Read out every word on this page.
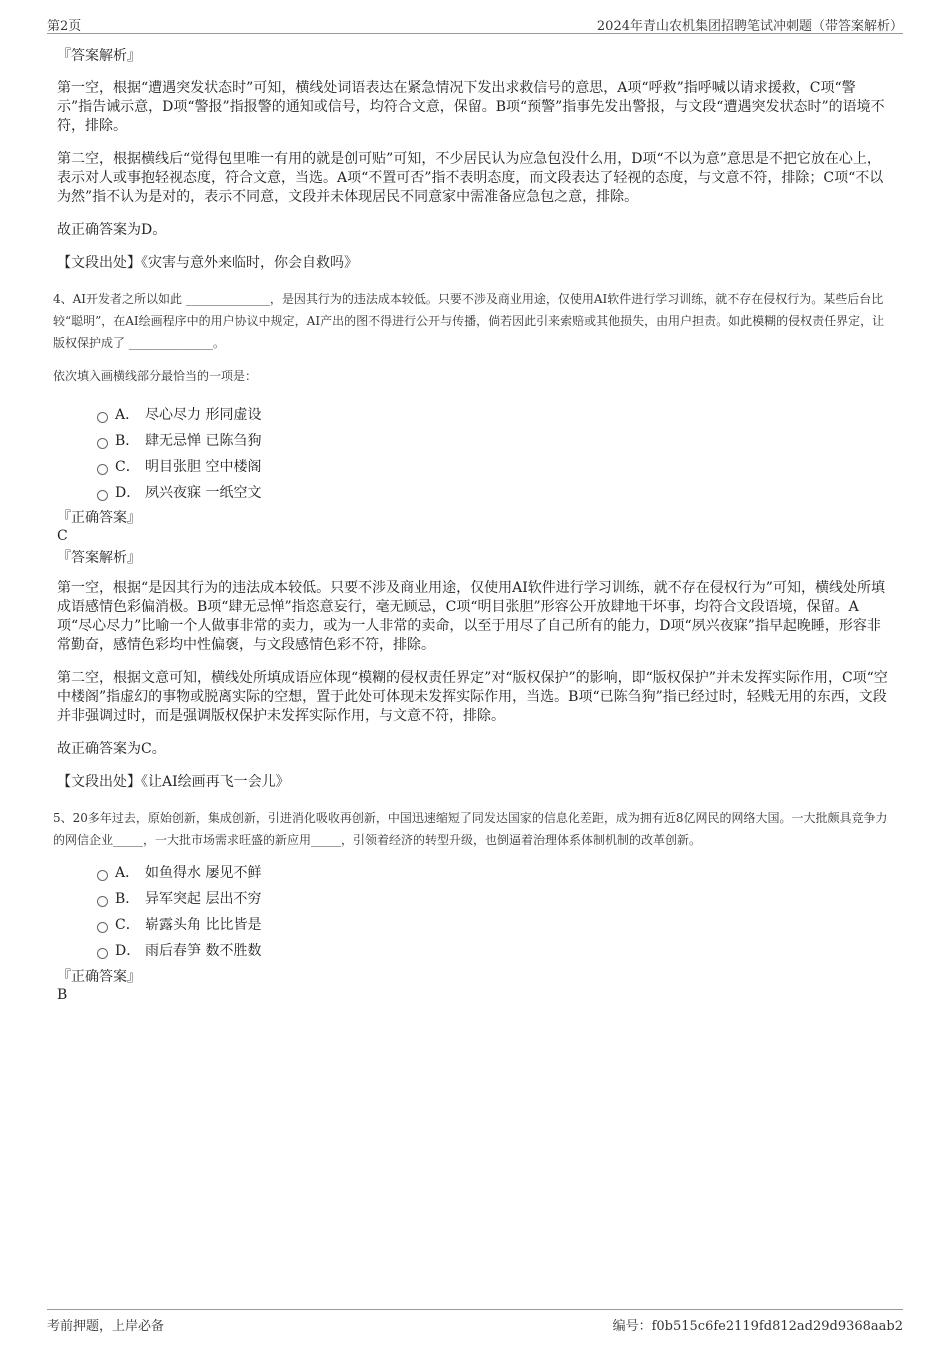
第2页	2024年青山农机集团招聘笔试冲刺题（带答案解析）

『答案解析』

第一空，根据“遭遇突发状态时”可知，横线处词语表达在紧急情况下发出求救信号的意思，A项“呼救”指呼喊以请求援救，C项“警示”指告诫示意，D项“警报”指报警的通知或信号，均符合文意，保留。B项“预警”指事先发出警报，与文段“遭遇突发状态时”的语境不符，排除。

第二空，根据横线后“觉得包里唯一有用的就是创可贴”可知，不少居民认为应急包没什么用，D项“不以为意”意思是不把它放在心上，表示对人或事抱轻视态度，符合文意，当选。A项“不置可否”指不表明态度，而文段表达了轻视的态度，与文意不符，排除；C项“不以为然”指不认为是对的，表示不同意，文段并未体现居民不同意家中需准备应急包之意，排除。

故正确答案为D。

【文段出处】《灾害与意外来临时，你会自救吗》

4、AI开发者之所以如此 ______________，是因其行为的违法成本较低。只要不涉及商业用途，仅使用AI软件进行学习训练，就不存在侵权行为。某些后台比较“聪明”，在AI绘画程序中的用户协议中规定，AI产出的图不得进行公开与传播，倘若因此引来索赔或其他损失，由用户担责。如此模糊的侵权责任界定，让版权保护成了 ______________。

依次填入画横线部分最恰当的一项是：

A． 尽心尽力 形同虚设
B． 肆无忌惮 已陈刍狗
C． 明目张胆 空中楼阁
D． 夙兴夜寐 一纸空文

『正确答案』

C

『答案解析』

第一空，根据“是因其行为的违法成本较低。只要不涉及商业用途，仅使用AI软件进行学习训练，就不存在侵权行为”可知，横线处所填成语感情色彩偏消极。B项“肆无忌惮”指恣意妄行，毫无顾忌，C项“明目张胆”形容公开放肆地干坏事，均符合文段语境，保留。A项“尽心尽力”比喻一个人做事非常的卖力，或为一人非常的卖命，以至于用尽了自己所有的能力，D项“夙兴夜寐”指早起晚睡，形容非常勤奋，感情色彩均中性偏褒，与文段感情色彩不符，排除。

第二空，根据文意可知，横线处所填成语应体现“模糊的侵权责任界定”对“版权保护”的影响，即“版权保护”并未发挥实际作用，C项“空中楼阁”指虚幻的事物或脱离实际的空想，置于此处可体现未发挥实际作用，当选。B项“已陈刍狗”指已经过时，轻贱无用的东西，文段并非强调过时，而是强调版权保护未发挥实际作用，与文意不符，排除。

故正确答案为C。

【文段出处】《让AI绘画再飞一会儿》

5、20多年过去，原始创新，集成创新，引进消化吸收再创新，中国迅速缩短了同发达国家的信息化差距，成为拥有近8亿网民的网络大国。一大批颇具竞争力的网信企业_____，一大批市场需求旺盛的新应用_____，引领着经济的转型升级，也倒逼着治理体系体制机制的改革创新。

A． 如鱼得水 屡见不鲜
B． 异军突起 层出不穷
C． 崭露头角 比比皆是
D． 雨后春笋 数不胜数

『正确答案』

B

考前押题，上岸必备	编号：f0b515c6fe2119fd812ad29d9368aab2
